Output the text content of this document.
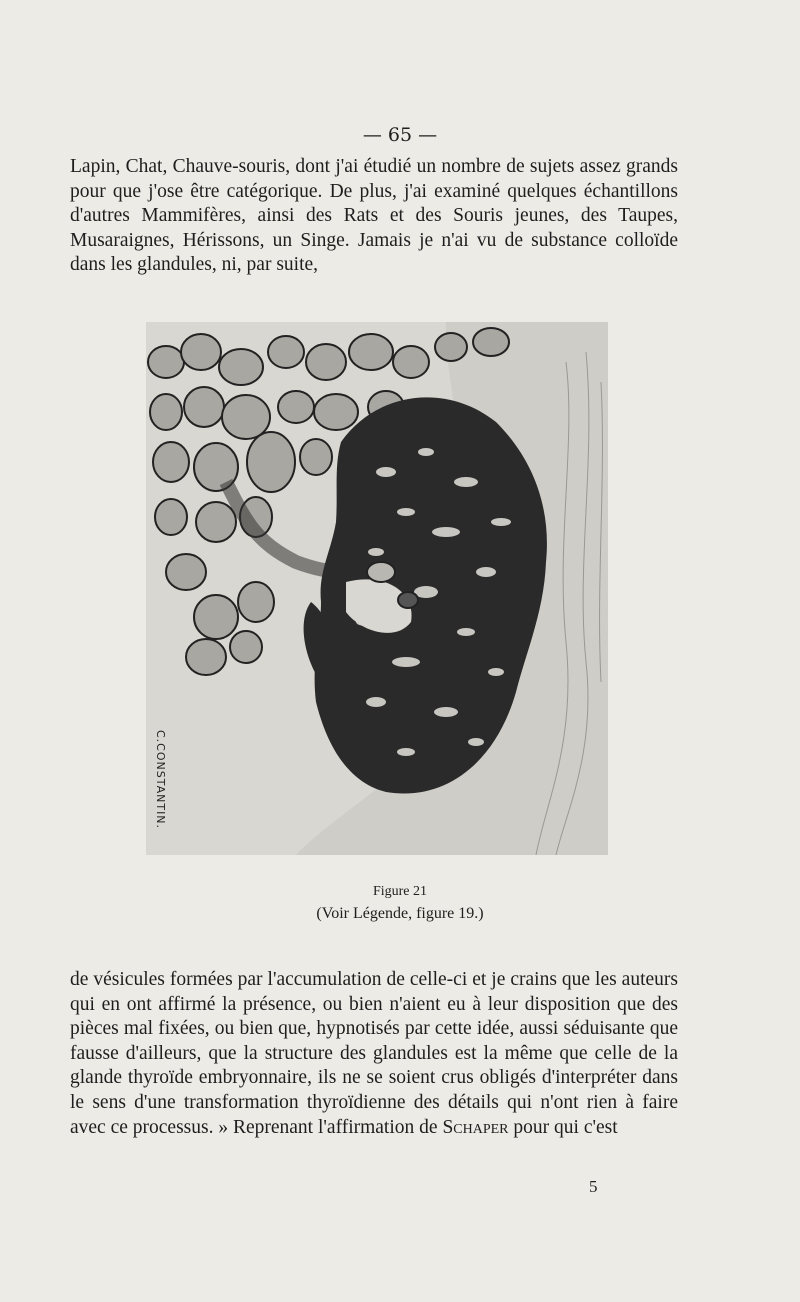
— 65 —

Lapin, Chat, Chauve-souris, dont j'ai étudié un nombre de sujets assez grands pour que j'ose être catégorique. De plus, j'ai examiné quelques échantillons d'autres Mammifères, ainsi des Rats et des Souris jeunes, des Taupes, Musaraignes, Hérissons, un Singe. Jamais je n'ai vu de substance colloïde dans les glandules, ni, par suite,

C.CONSTANTIN.
Figure 21
(Voir Légende, figure 19.)

de vésicules formées par l'accumulation de celle-ci et je crains que les auteurs qui en ont affirmé la présence, ou bien n'aient eu à leur disposition que des pièces mal fixées, ou bien que, hypnotisés par cette idée, aussi séduisante que fausse d'ailleurs, que la structure des glandules est la même que celle de la glande thyroïde embryonnaire, ils ne se soient crus obligés d'interpréter dans le sens d'une transformation thyroïdienne des détails qui n'ont rien à faire avec ce processus. » Reprenant l'affirmation de Schaper pour qui c'est

5
